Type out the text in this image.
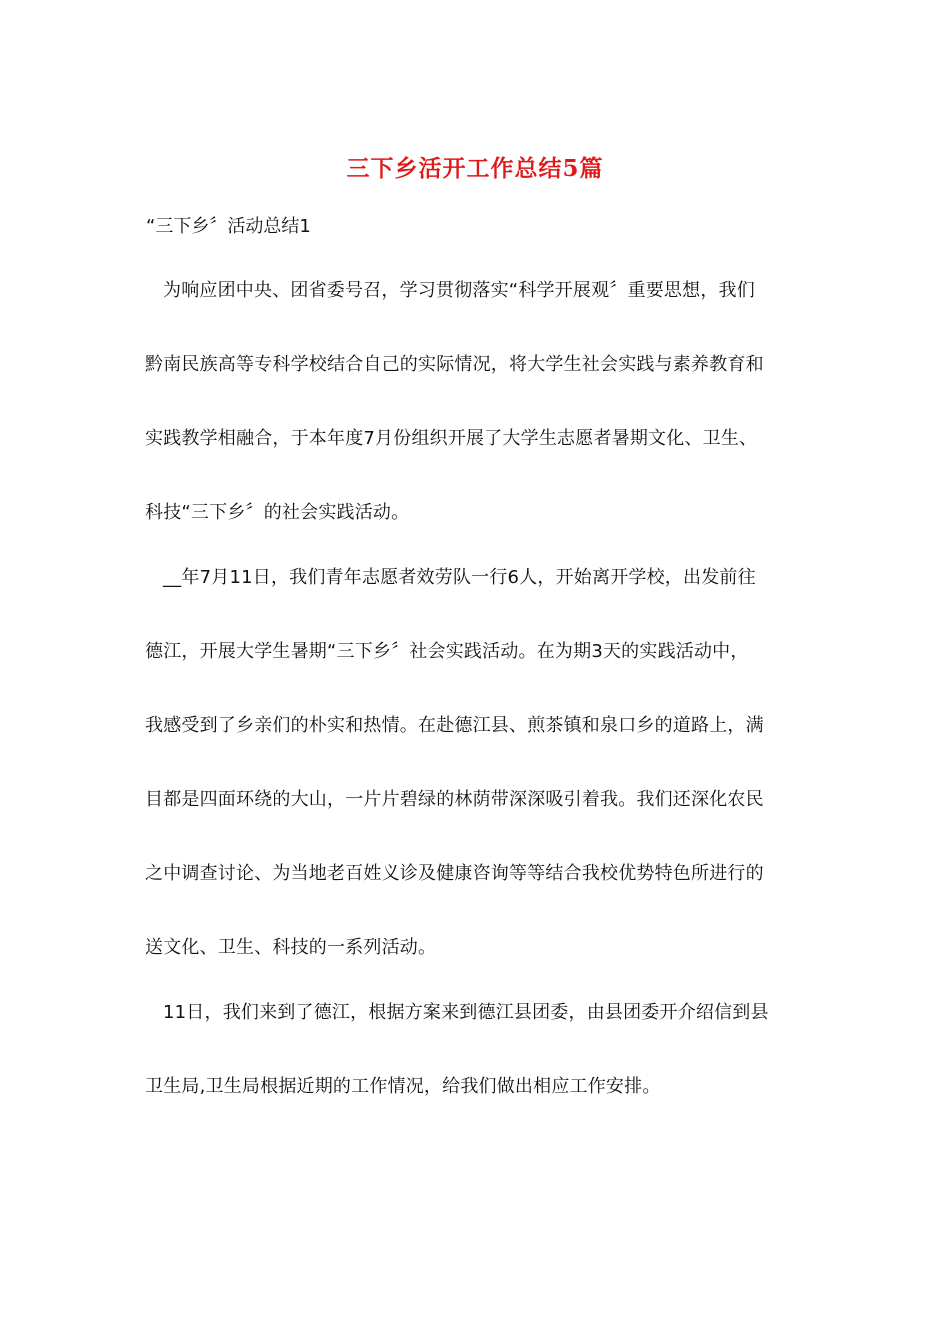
三下乡活开工作总结5篇
“三下乡〞活动总结1
为响应团中央、团省委号召，学习贯彻落实“科学开展观〞重要思想，我们
黔南民族高等专科学校结合自己的实际情况，将大学生社会实践与素养教育和
实践教学相融合，于本年度7月份组织开展了大学生志愿者暑期文化、卫生、
科技“三下乡〞的社会实践活动。
__年7月11日，我们青年志愿者效劳队一行6人，开始离开学校，出发前往
德江，开展大学生暑期“三下乡〞社会实践活动。在为期3天的实践活动中，
我感受到了乡亲们的朴实和热情。在赴德江县、煎茶镇和泉口乡的道路上，满
目都是四面环绕的大山，一片片碧绿的林荫带深深吸引着我。我们还深化农民
之中调查讨论、为当地老百姓义诊及健康咨询等等结合我校优势特色所进行的
送文化、卫生、科技的一系列活动。
11日，我们来到了德江，根据方案来到德江县团委，由县团委开介绍信到县
卫生局,卫生局根据近期的工作情况，给我们做出相应工作安排。
